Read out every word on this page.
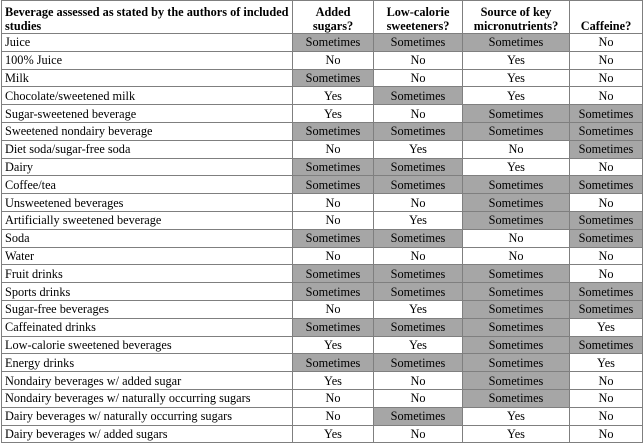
Beverage assessed as stated by the authors of included studies	Added sugars?	Low-calorie sweeteners?	Source of key micronutrients?	Caffeine?
Juice	Sometimes	Sometimes	Sometimes	No
100% Juice	No	No	Yes	No
Milk	Sometimes	No	Yes	No
Chocolate/sweetened milk	Yes	Sometimes	Yes	No
Sugar-sweetened beverage	Yes	No	Sometimes	Sometimes
Sweetened nondairy beverage	Sometimes	Sometimes	Sometimes	Sometimes
Diet soda/sugar-free soda	No	Yes	No	Sometimes
Dairy	Sometimes	Sometimes	Yes	No
Coffee/tea	Sometimes	Sometimes	Sometimes	Sometimes
Unsweetened beverages	No	No	Sometimes	No
Artificially sweetened beverage	No	Yes	Sometimes	Sometimes
Soda	Sometimes	Sometimes	No	Sometimes
Water	No	No	No	No
Fruit drinks	Sometimes	Sometimes	Sometimes	No
Sports drinks	Sometimes	Sometimes	Sometimes	Sometimes
Sugar-free beverages	No	Yes	Sometimes	Sometimes
Caffeinated drinks	Sometimes	Sometimes	Sometimes	Yes
Low-calorie sweetened beverages	Yes	Yes	Sometimes	Sometimes
Energy drinks	Sometimes	Sometimes	Sometimes	Yes
Nondairy beverages w/ added sugar	Yes	No	Sometimes	No
Nondairy beverages w/ naturally occurring sugars	No	No	Sometimes	No
Dairy beverages w/ naturally occurring sugars	No	Sometimes	Yes	No
Dairy beverages w/ added sugars	Yes	No	Yes	No
